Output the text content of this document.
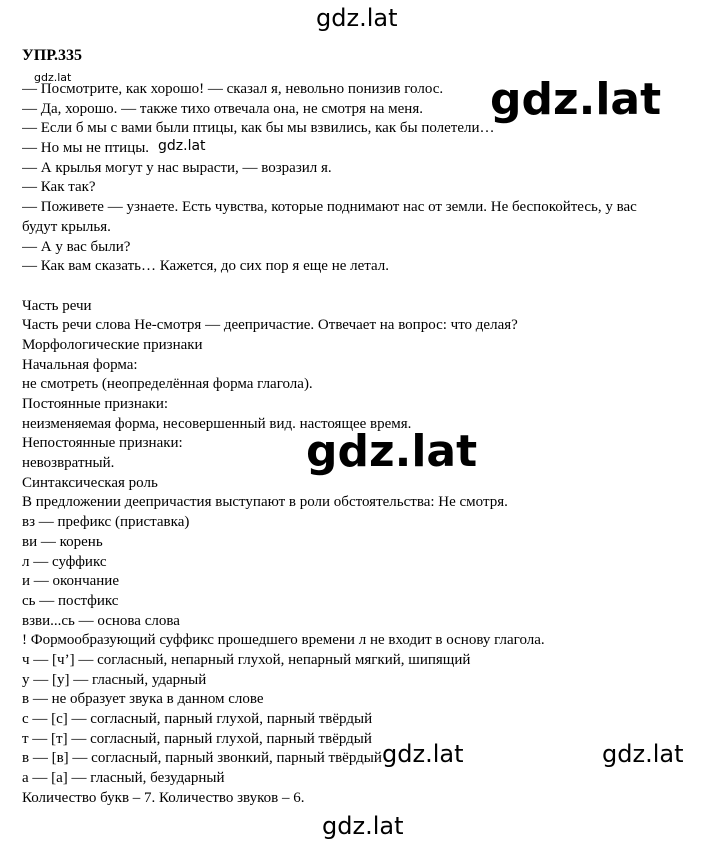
gdz.lat
УПР.335
— Посмотрите, как хорошо! — сказал я, невольно понизив голос.
— Да, хорошо. — также тихо отвечала она, не смотря на меня.
— Если б мы с вами были птицы, как бы мы взвились, как бы полетели…
— Но мы не птицы.
— А крылья могут у нас вырасти, — возразил я.
— Как так?
— Поживете — узнаете. Есть чувства, которые поднимают нас от земли. Не беспокойтесь, у вас
будут крылья.
— А у вас были?
— Как вам сказать… Кажется, до сих пор я еще не летал.
Часть речи
Часть речи слова Не-смотря — деепричастие. Отвечает на вопрос: что делая?
Морфологические признаки
Начальная форма:
не смотреть (неопределённая форма глагола).
Постоянные признаки:
неизменяемая форма, несовершенный вид. настоящее время.
Непостоянные признаки:
невозвратный.
Синтаксическая роль
В предложении деепричастия выступают в роли обстоятельства: Не смотря.
вз — префикс (приставка)
ви — корень
л — суффикс
и — окончание
сь — постфикс
взви...сь — основа слова
! Формообразующий суффикс прошедшего времени л не входит в основу глагола.
ч — [ч’] — согласный, непарный глухой, непарный мягкий, шипящий
у — [у] — гласный, ударный
в — не образует звука в данном слове
с — [с] — согласный, парный глухой, парный твёрдый
т — [т] — согласный, парный глухой, парный твёрдый
в — [в] — согласный, парный звонкий, парный твёрдый
а — [а] — гласный, безударный
Количество букв – 7. Количество звуков – 6.
gdz.lat
gdz.lat
gdz.lat
gdz.lat
gdz.lat	gdz.lat
gdz.lat
